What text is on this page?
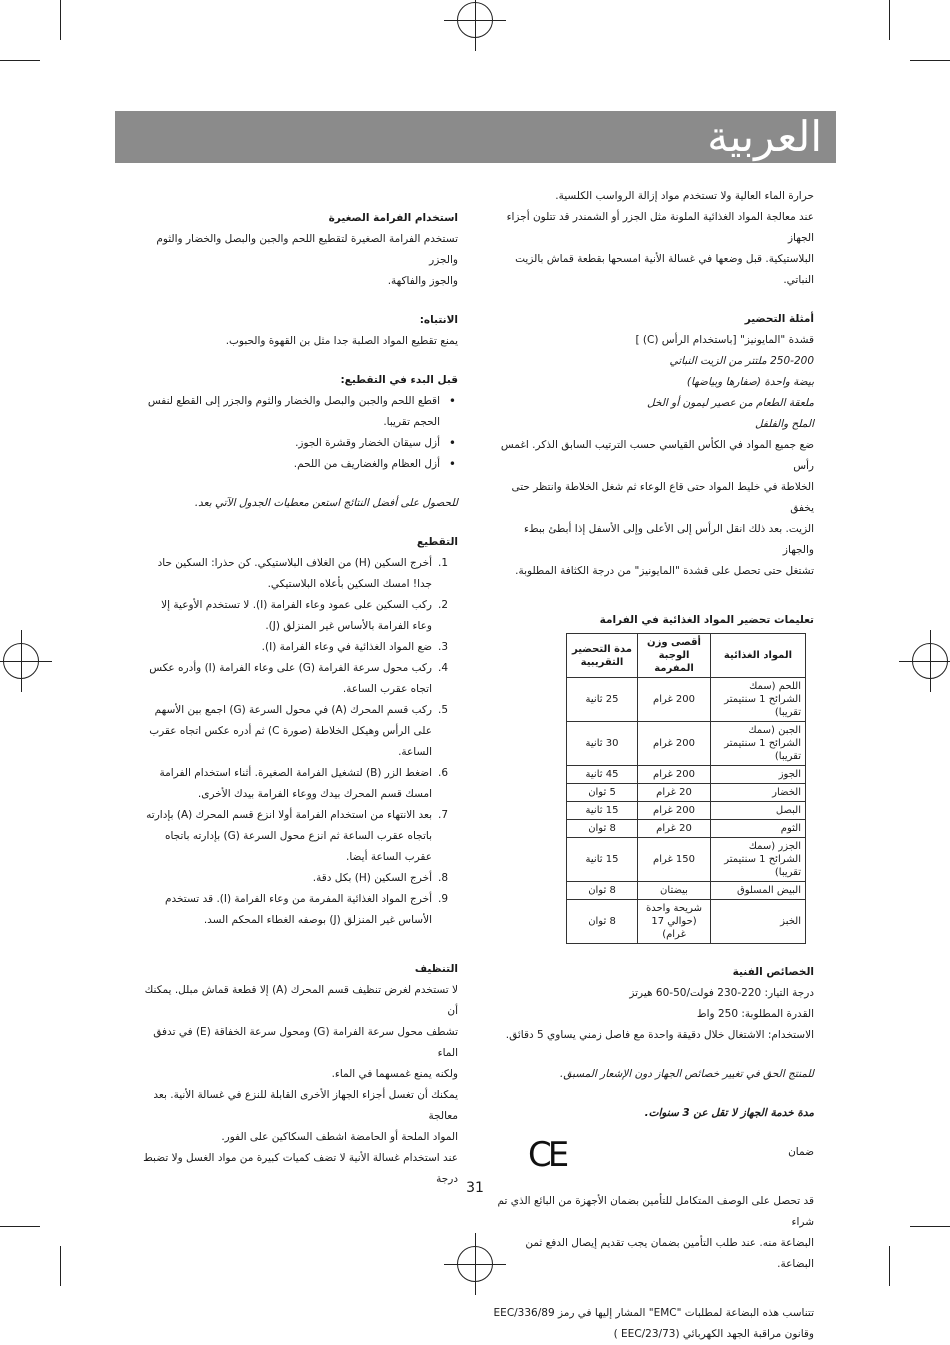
العربية

حرارة الماء العالية ولا تستخدم مواد إزالة الرواسب الكلسية.

عند معالجة المواد الغذائية الملونة مثل الجزر أو الشمندر قد تتلون أجزاء الجهاز

البلاستيكية. قبل وضعها في غسالة الأنية امسحها بقطعة قماش بالزيت النباتي.

أمثلة التحضير

قشدة "المايونيز" [باستخدام الرأس (C) ]

250-200 ملتتر من الزيت النباتي

بيضة واحدة (صفارها وبياضها)

ملعقة الطعام من عصير ليمون أو الخل

الملح والفلفل

ضع جميع المواد في الكأس القياسي حسب الترتيب السابق الذكر. اغمس رأس

الخلاطة في خليط المواد حتى قاع الوعاء ثم شغل الخلاطة وانتظر حتى يخفق

الزيت. بعد ذلك انقل الرأس إلى الأعلى وإلى الأسفل إذا أبطئ ببطء والجهاز

تشتغل حتى تحصل على قشدة "المايونيز" من درجة الكثافة المطلوبة.

تعليمات تحضير المواد الغذائية في الفرامة

المواد الغذائية	أقصى وزن الوجبة المفرمة	مدة التحضير التقريبية
اللحم (سمك الشرائح 1 سنتيمتر تقريبا)	200 غرام	25 ثانية
الجبن (سمك الشرائح 1 سنتيمتر تقريبا)	200 غرام	30 ثانية
الجوز	200 غرام	45 ثانية
الخضار	20 غرام	5 ثوان
البصل	200 غرام	15 ثانية
الثوم	20 غرام	8 ثوان
الجزر (سمك الشرائح 1 سنتيمتر تقريبا)	150 غرام	15 ثانية
البيض المسلوق	بيضتان	8 ثوان
الخبز	شريحة واحدة (حوالي 17 غرام)	8 ثوان

الخصائص الفنية

درجة التيار: 220-230 فولت/50-60 هيرتز

القدرة المطلوبة: 250 واط

الاستخدام: الاشتغال خلال دقيقة واحدة مع فاصل زمني يساوي 5 دقائق.

للمنتج الحق في تغيير خصائص الجهاز دون الإشعار المسبق.

مدة خدمة الجهاز لا تقل عن 3 سنوات.

ضمان

قد تحصل على الوصف المتكامل للتأمين بضمان الأجهزة من البائع الذي تم شراء

البضاعة منه. عند طلب التأمين بضمان يجب تقديم إيصال الدفع ثمن البضاعة.

تتناسب هذه البضاعة لمطلبات "EMC" المشار إليها في رمز EEC/336/89

وقانون مراقبة الجهد الكهربائي (EEC/23/73 )

CE

استخدام الفرامة الصغيرة

تستخدم الفرامة الصغيرة لتقطيع اللحم والجبن والبصل والخضار والثوم والجزر

والجوز والفاكهة.

الانتباه:

يمنع تقطيع المواد الصلبة جدا مثل بن القهوة والحبوب.

قبل البدء في التقطيع:

• اقطع اللحم والجبن والبصل والخضار والثوم والجزر إلى القطع لنفس الحجم تقريبا.
• أزل سيقان الخضار وقشرة الجوز.
• أزل العظام والغضاريف من اللحم.

للحصول على أفضل النتائج استعن معطيات الجدول الآتي بعد.

التقطيع

.1
أخرج السكين (H) من الغلاف البلاستيكي. كن حذرا: السكين حاد جدا! امسك السكين بأعلاه البلاستيكي.
.2
ركب السكين على عمود وعاء الفرامة (I). لا تستخدم الأوعية إلا وعاء الفرامة بالأساس غير المنزلق (J).
.3
ضع المواد الغذائية في وعاء الفرامة (I).
.4
ركب محول سرعة الفرامة (G) على وعاء الفرامة (I) وأدره عكس اتجاه عقرب الساعة.
.5
ركب قسم المحرك (A) في محول السرعة (G) اجمع بين الأسهم على الرأس وهيكل الخلاطة (صورة C) ثم أدره عكس اتجاه عقرب الساعة.
.6
اضغط الزر (B) لتشغيل الفرامة الصغيرة. أثناء استخدام الفرامة امسك قسم المحرك بيدك ووعاء الفرامة بيدك الأخرى.
.7
بعد الانتهاء من استخدام الفرامة أولا انزع قسم المحرك (A) بإدارته باتجاه عقرب الساعة ثم انزع محول السرعة (G) بإدارته باتجاه عقرب الساعة أيضا.
.8
أخرج السكين (H) بكل دقة.
.9
أخرج المواد الغذائية المفرمة من وعاء الفرامة (I). قد تستخدم الأساس غير المنزلق (J) بوصفه الغطاء المحكم السد.

التنظيف

لا تستخدم لغرض تنظيف قسم المحرك (A) إلا قطعة قماش مبلل. يمكنك أن

تشطف محول سرعة الفرامة (G) ومحول سرعة الخفاقة (E) في تدفق الماء

ولكنه يمنع غمسهما في الماء.

يمكنك أن تغسل أجزاء الجهاز الأخرى القابلة للنزع في غسالة الأنية. بعد معالجة

المواد الملحة أو الحامضة اشطف السكاكين على الفور.

عند استخدام غسالة الأنية لا تضف كميات كبيرة من مواد الغسل ولا تضبط درجة

31
